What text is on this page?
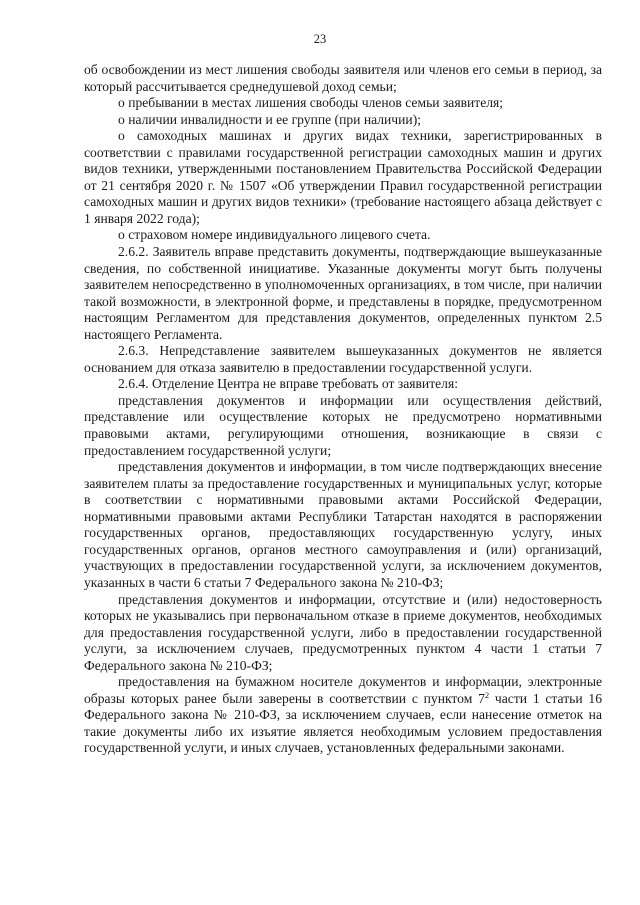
23

об освобождении из мест лишения свободы заявителя или членов его семьи в период, за который рассчитывается среднедушевой доход семьи;

о пребывании в местах лишения свободы членов семьи заявителя;

о наличии инвалидности и ее группе (при наличии);

о самоходных машинах и других видах техники, зарегистрированных в соответствии с правилами государственной регистрации самоходных машин и других видов техники, утвержденными постановлением Правительства Российской Федерации от 21 сентября 2020 г. № 1507 «Об утверждении Правил государственной регистрации самоходных машин и других видов техники» (требование настоящего абзаца действует с 1 января 2022 года);

о страховом номере индивидуального лицевого счета.

2.6.2. Заявитель вправе представить документы, подтверждающие вышеуказанные сведения, по собственной инициативе. Указанные документы могут быть получены заявителем непосредственно в уполномоченных организациях, в том числе, при наличии такой возможности, в электронной форме, и представлены в порядке, предусмотренном настоящим Регламентом для представления документов, определенных пунктом 2.5 настоящего Регламента.

2.6.3. Непредставление заявителем вышеуказанных документов не является основанием для отказа заявителю в предоставлении государственной услуги.

2.6.4. Отделение Центра не вправе требовать от заявителя:

представления документов и информации или осуществления действий, представление или осуществление которых не предусмотрено нормативными правовыми актами, регулирующими отношения, возникающие в связи с предоставлением государственной услуги;

представления документов и информации, в том числе подтверждающих внесение заявителем платы за предоставление государственных и муниципальных услуг, которые в соответствии с нормативными правовыми актами Российской Федерации, нормативными правовыми актами Республики Татарстан находятся в распоряжении государственных органов, предоставляющих государственную услугу, иных государственных органов, органов местного самоуправления и (или) организаций, участвующих в предоставлении государственной услуги, за исключением документов, указанных в части 6 статьи 7 Федерального закона № 210-ФЗ;

представления документов и информации, отсутствие и (или) недостоверность которых не указывались при первоначальном отказе в приеме документов, необходимых для предоставления государственной услуги, либо в предоставлении государственной услуги, за исключением случаев, предусмотренных пунктом 4 части 1 статьи 7 Федерального закона № 210-ФЗ;

предоставления на бумажном носителе документов и информации, электронные образы которых ранее были заверены в соответствии с пунктом $7^2$ части 1 статьи 16 Федерального закона № 210-ФЗ, за исключением случаев, если нанесение отметок на такие документы либо их изъятие является необходимым условием предоставления государственной услуги, и иных случаев, установленных федеральными законами.
